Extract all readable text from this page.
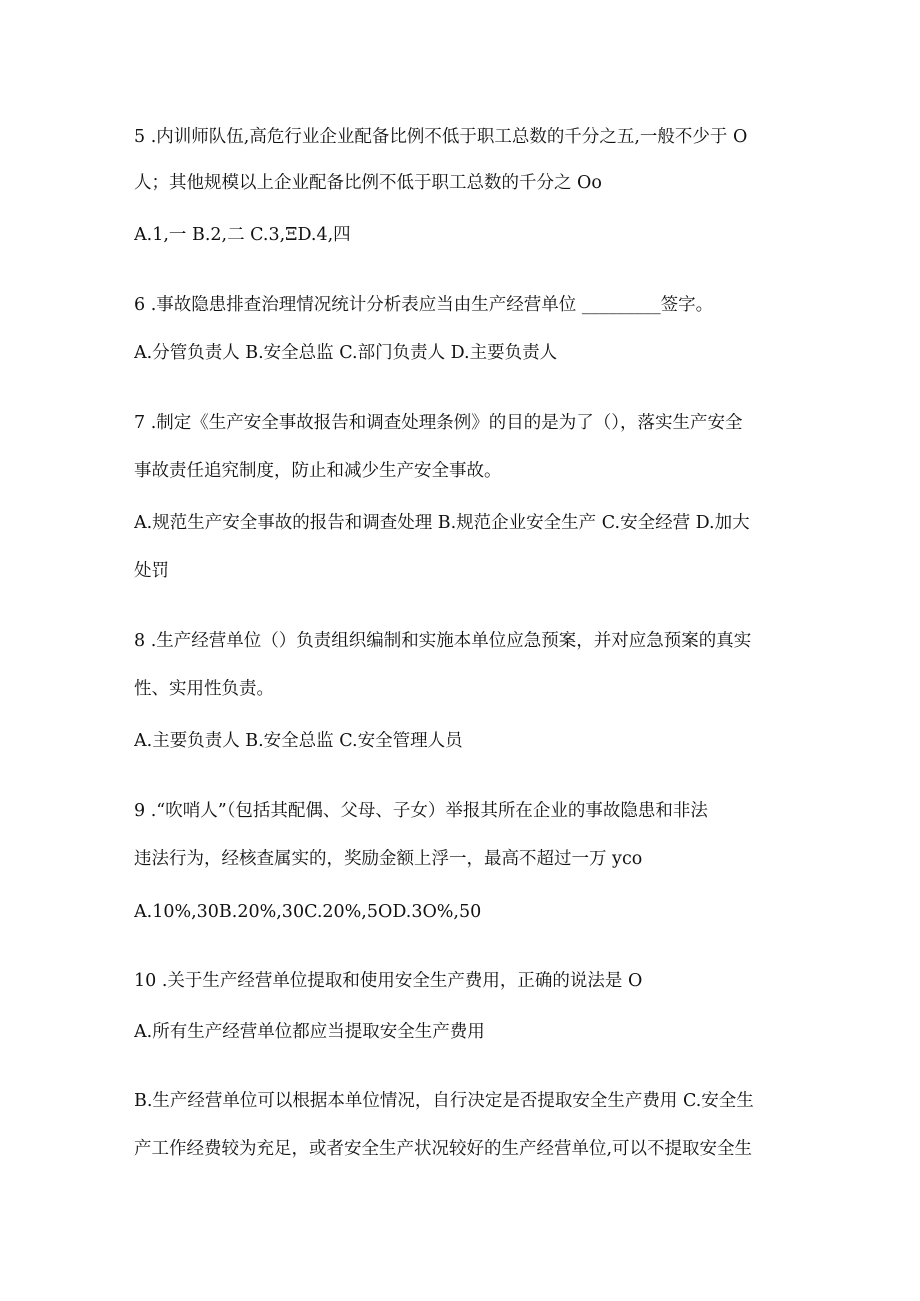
5 .内训师队伍,高危行业企业配备比例不低于职工总数的千分之五,一般不少于 O
人；其他规模以上企业配备比例不低于职工总数的千分之 Oo
A.1,一 B.2,二 C.3,ΞD.4,四
6 .事故隐患排查治理情况统计分析表应当由生产经营单位 _________签字。
A.分管负责人 B.安全总监 C.部门负责人 D.主要负责人
7 .制定《生产安全事故报告和调查处理条例》的目的是为了（），落实生产安全
事故责任追究制度，防止和减少生产安全事故。
A.规范生产安全事故的报告和调查处理 B.规范企业安全生产 C.安全经营 D.加大
处罚
8 .生产经营单位（）负责组织编制和实施本单位应急预案，并对应急预案的真实
性、实用性负责。
A.主要负责人 B.安全总监 C.安全管理人员
9 .“吹哨人”（包括其配偶、父母、子女）举报其所在企业的事故隐患和非法
违法行为，经核查属实的，奖励金额上浮一，最高不超过一万 yco
A.10%,30B.20%,30C.20%,5OD.3O%,50
10 .关于生产经营单位提取和使用安全生产费用，正确的说法是 O
A.所有生产经营单位都应当提取安全生产费用
B.生产经营单位可以根据本单位情况，自行决定是否提取安全生产费用 C.安全生
产工作经费较为充足，或者安全生产状况较好的生产经营单位,可以不提取安全生
